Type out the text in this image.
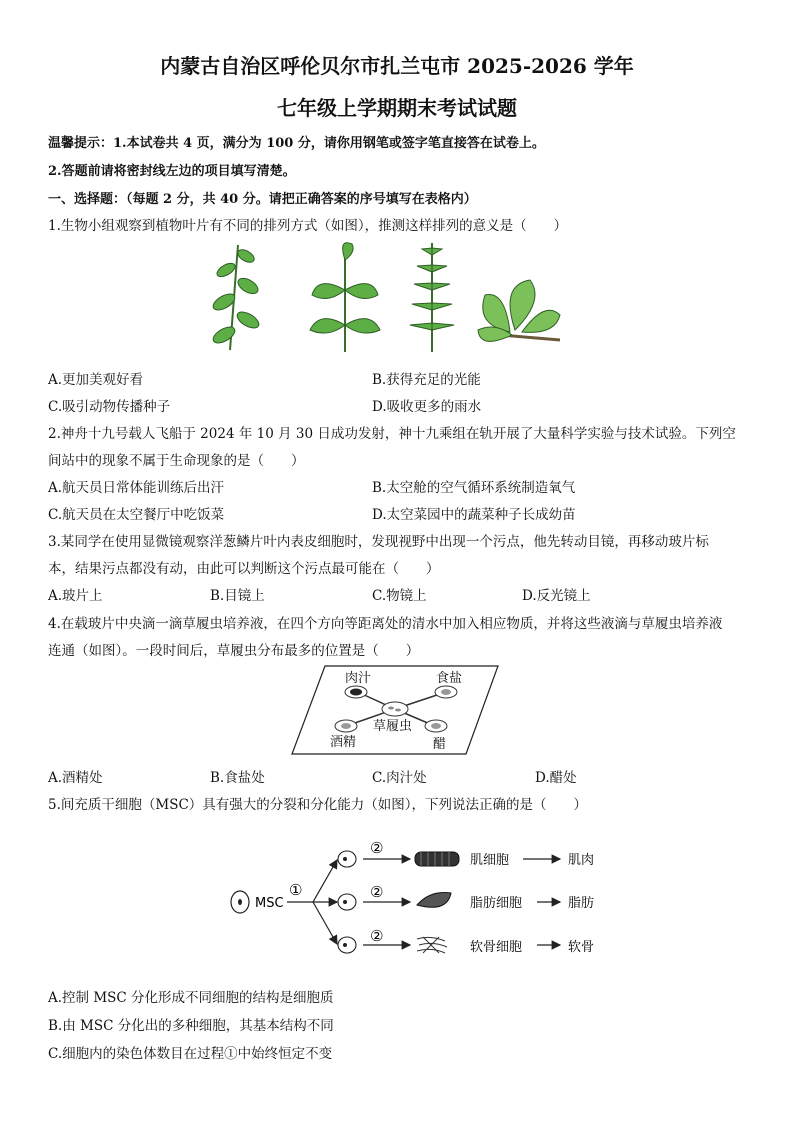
内蒙古自治区呼伦贝尔市扎兰屯市 2025-2026 学年
七年级上学期期末考试试题
温馨提示：1.本试卷共 4 页，满分为 100 分，请你用钢笔或签字笔直接答在试卷上。
2.答题前请将密封线左边的项目填写清楚。
一、选择题：（每题 2 分，共 40 分。请把正确答案的序号填写在表格内）
1.生物小组观察到植物叶片有不同的排列方式（如图），推测这样排列的意义是（　　）
A.更加美观好看	B.获得充足的光能
C.吸引动物传播种子	D.吸收更多的雨水
2.神舟十九号载人飞船于 2024 年 10 月 30 日成功发射，神十九乘组在轨开展了大量科学实验与技术试验。下列空
间站中的现象不属于生命现象的是（　　）
A.航天员日常体能训练后出汗	B.太空舱的空气循环系统制造氧气
C.航天员在太空餐厅中吃饭菜	D.太空菜园中的蔬菜种子长成幼苗
3.某同学在使用显微镜观察洋葱鳞片叶内表皮细胞时，发现视野中出现一个污点，他先转动目镜，再移动玻片标
本，结果污点都没有动，由此可以判断这个污点最可能在（　　）
A.玻片上	B.目镜上	C.物镜上	D.反光镜上
4.在载玻片中央滴一滴草履虫培养液，在四个方向等距离处的清水中加入相应物质，并将这些液滴与草履虫培养液
连通（如图）。一段时间后，草履虫分布最多的位置是（　　）
肉汁	食盐
草履虫
酒精	醋
A.酒精处	B.食盐处	C.肉汁处	D.醋处
5.间充质干细胞（MSC）具有强大的分裂和分化能力（如图），下列说法正确的是（　　）
MSC
①
②
②
②
肌细胞
脂肪细胞
软骨细胞
肌肉
脂肪
软骨
A.控制 MSC 分化形成不同细胞的结构是细胞质
B.由 MSC 分化出的多种细胞，其基本结构不同
C.细胞内的染色体数目在过程①中始终恒定不变
